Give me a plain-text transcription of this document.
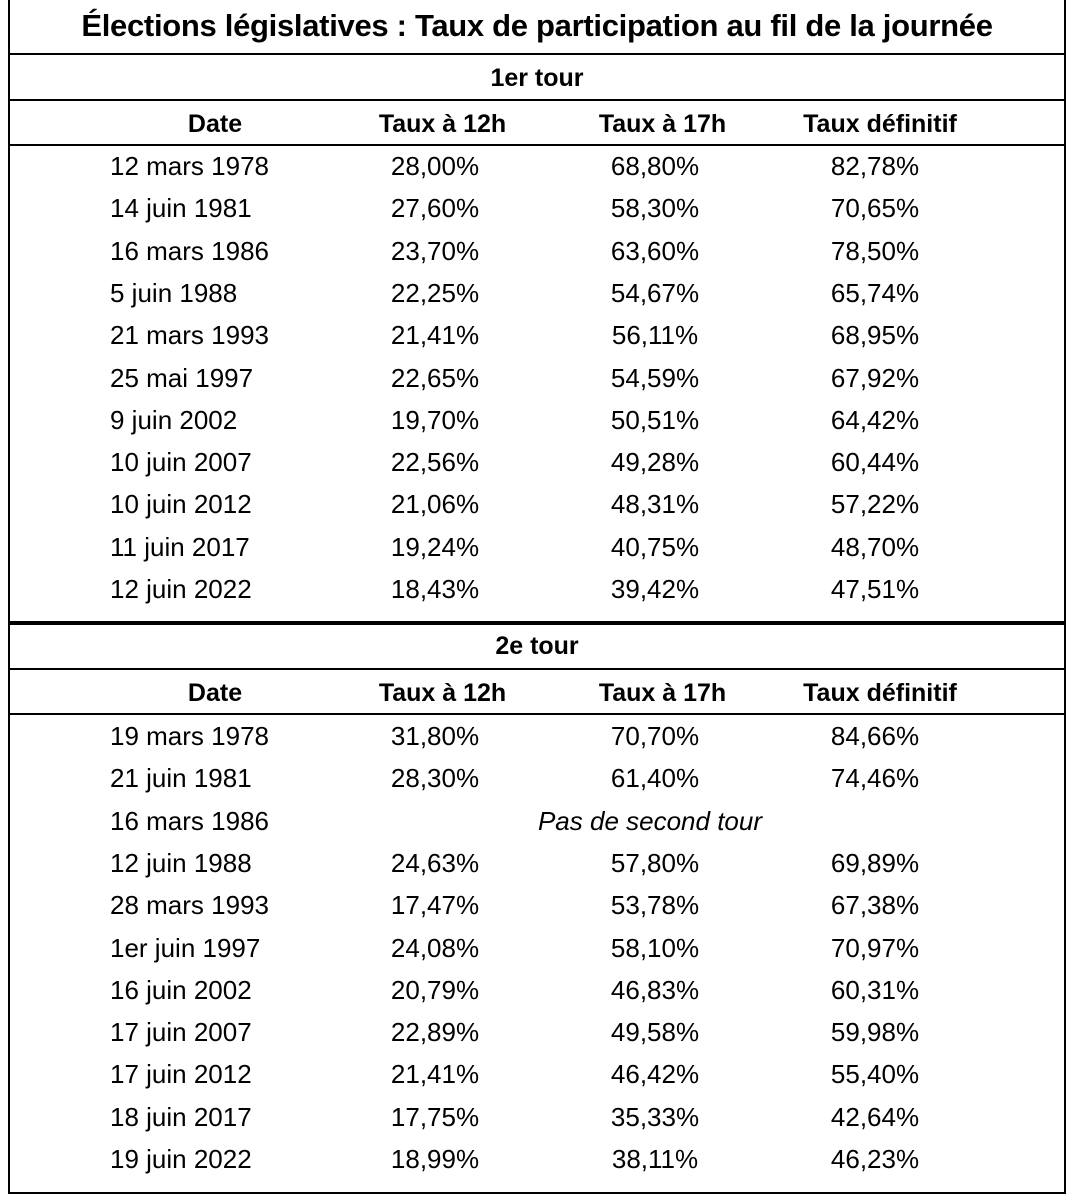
Élections législatives : Taux de participation au fil de la journée
1er tour
Date	Taux à 12h	Taux à 17h	Taux définitif
12 mars 1978	28,00%	68,80%	82,78%
14 juin 1981	27,60%	58,30%	70,65%
16 mars 1986	23,70%	63,60%	78,50%
5 juin 1988	22,25%	54,67%	65,74%
21 mars 1993	21,41%	56,11%	68,95%
25 mai 1997	22,65%	54,59%	67,92%
9 juin 2002	19,70%	50,51%	64,42%
10 juin 2007	22,56%	49,28%	60,44%
10 juin 2012	21,06%	48,31%	57,22%
11 juin 2017	19,24%	40,75%	48,70%
12 juin 2022	18,43%	39,42%	47,51%
2e tour
Date	Taux à 12h	Taux à 17h	Taux définitif
19 mars 1978	31,80%	70,70%	84,66%
21 juin 1981	28,30%	61,40%	74,46%
16 mars 1986	Pas de second tour
12 juin 1988	24,63%	57,80%	69,89%
28 mars 1993	17,47%	53,78%	67,38%
1er juin 1997	24,08%	58,10%	70,97%
16 juin 2002	20,79%	46,83%	60,31%
17 juin 2007	22,89%	49,58%	59,98%
17 juin 2012	21,41%	46,42%	55,40%
18 juin 2017	17,75%	35,33%	42,64%
19 juin 2022	18,99%	38,11%	46,23%
